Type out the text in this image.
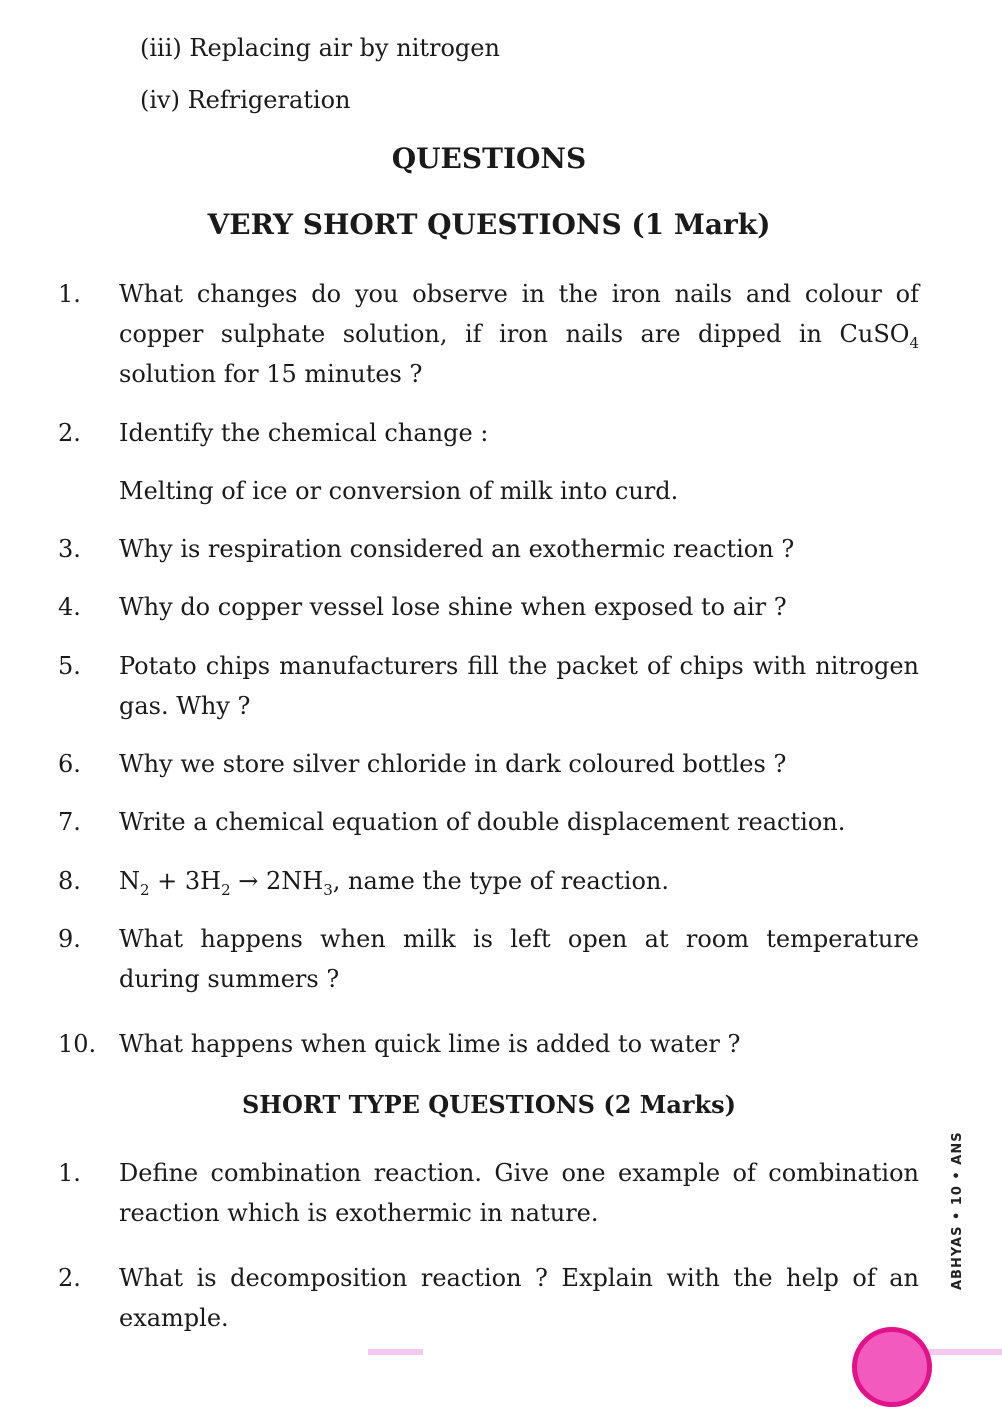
(iii) Replacing air by nitrogen
(iv) Refrigeration
QUESTIONS
VERY SHORT QUESTIONS (1 Mark)
1. What changes do you observe in the iron nails and colour of copper sulphate solution, if iron nails are dipped in CuSO$_4$ solution for 15 minutes ?
2. Identify the chemical change :
Melting of ice or conversion of milk into curd.
3. Why is respiration considered an exothermic reaction ?
4. Why do copper vessel lose shine when exposed to air ?
5. Potato chips manufacturers fill the packet of chips with nitrogen gas. Why ?
6. Why we store silver chloride in dark coloured bottles ?
7. Write a chemical equation of double displacement reaction.
8. $N_2 + 3H_2 \to 2NH_3$, name the type of reaction.
9. What happens when milk is left open at room temperature during summers ?
10. What happens when quick lime is added to water ?
SHORT TYPE QUESTIONS (2 Marks)
1. Define combination reaction. Give one example of combination reaction which is exothermic in nature.
2. What is decomposition reaction ? Explain with the help of an example.
ABHYAS • 10 • ANS
